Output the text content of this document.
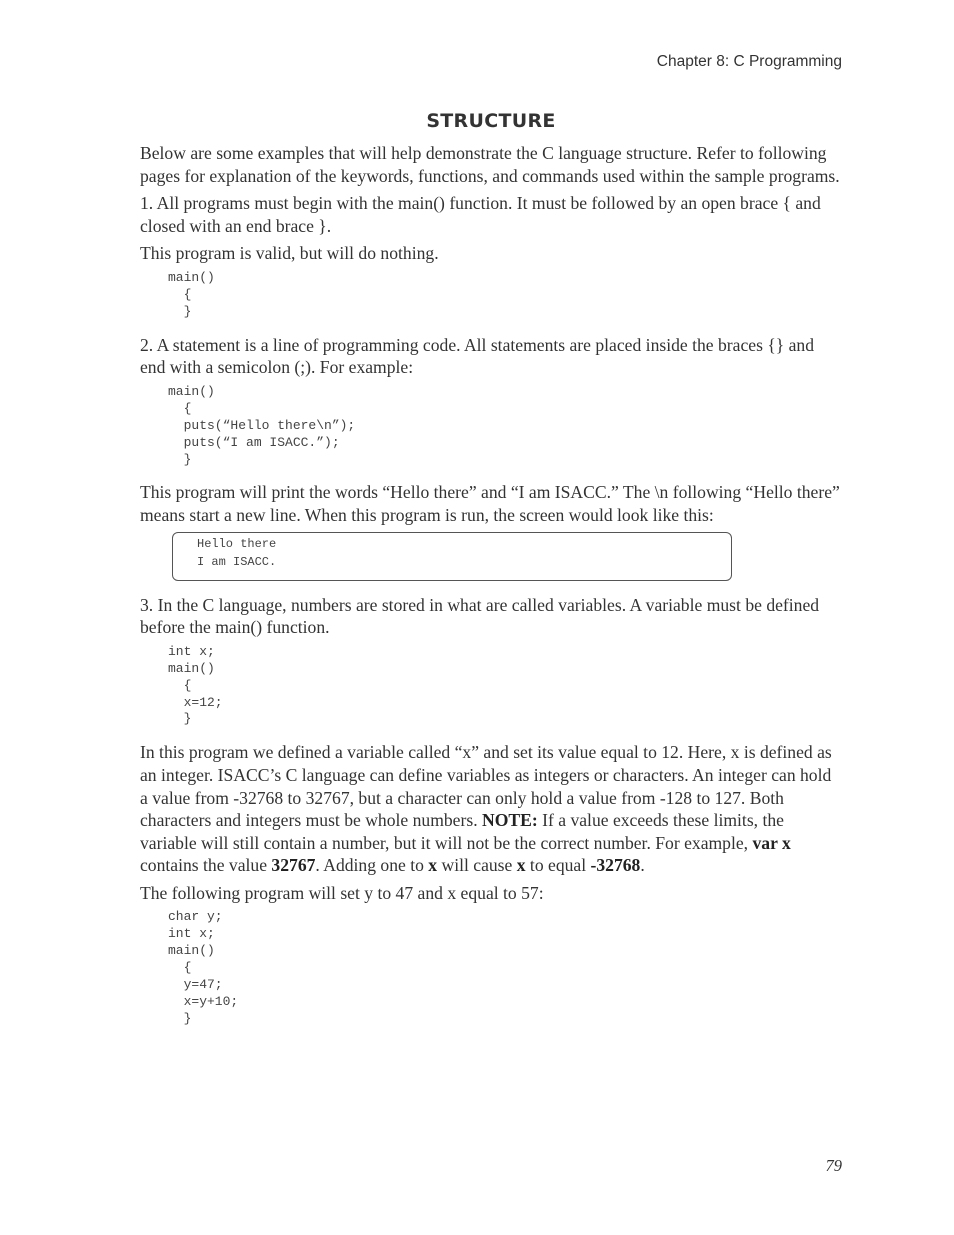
Chapter 8: C Programming
STRUCTURE

Below are some examples that will help demonstrate the C language structure. Refer to following pages for explanation of the keywords, functions, and commands used within the sample programs.

1. All programs must begin with the main() function. It must be followed by an open brace { and closed with an end brace }.

This program is valid, but will do nothing.

main()
{
}

2. A statement is a line of programming code. All statements are placed inside the braces {} and end with a semicolon (;). For example:

main()
{
puts(“Hello there\n”);
puts(“I am ISACC.”);
}

This program will print the words “Hello there” and “I am ISACC.” The \n following “Hello there” means start a new line. When this program is run, the screen would look like this:

Hello there
I am ISACC.

3. In the C language, numbers are stored in what are called variables. A variable must be defined before the main() function.

int x;
main()
{
x=12;
}

In this program we defined a variable called “x” and set its value equal to 12. Here, x is defined as an integer. ISACC’s C language can define variables as integers or characters. An integer can hold a value from -32768 to 32767, but a character can only hold a value from -128 to 127. Both characters and integers must be whole numbers. NOTE: If a value exceeds these limits, the variable will still contain a number, but it will not be the correct number. For example, var x contains the value 32767. Adding one to x will cause x to equal -32768.

The following program will set y to 47 and x equal to 57:

char y;
int x;
main()
{
y=47;
x=y+10;
}
79
